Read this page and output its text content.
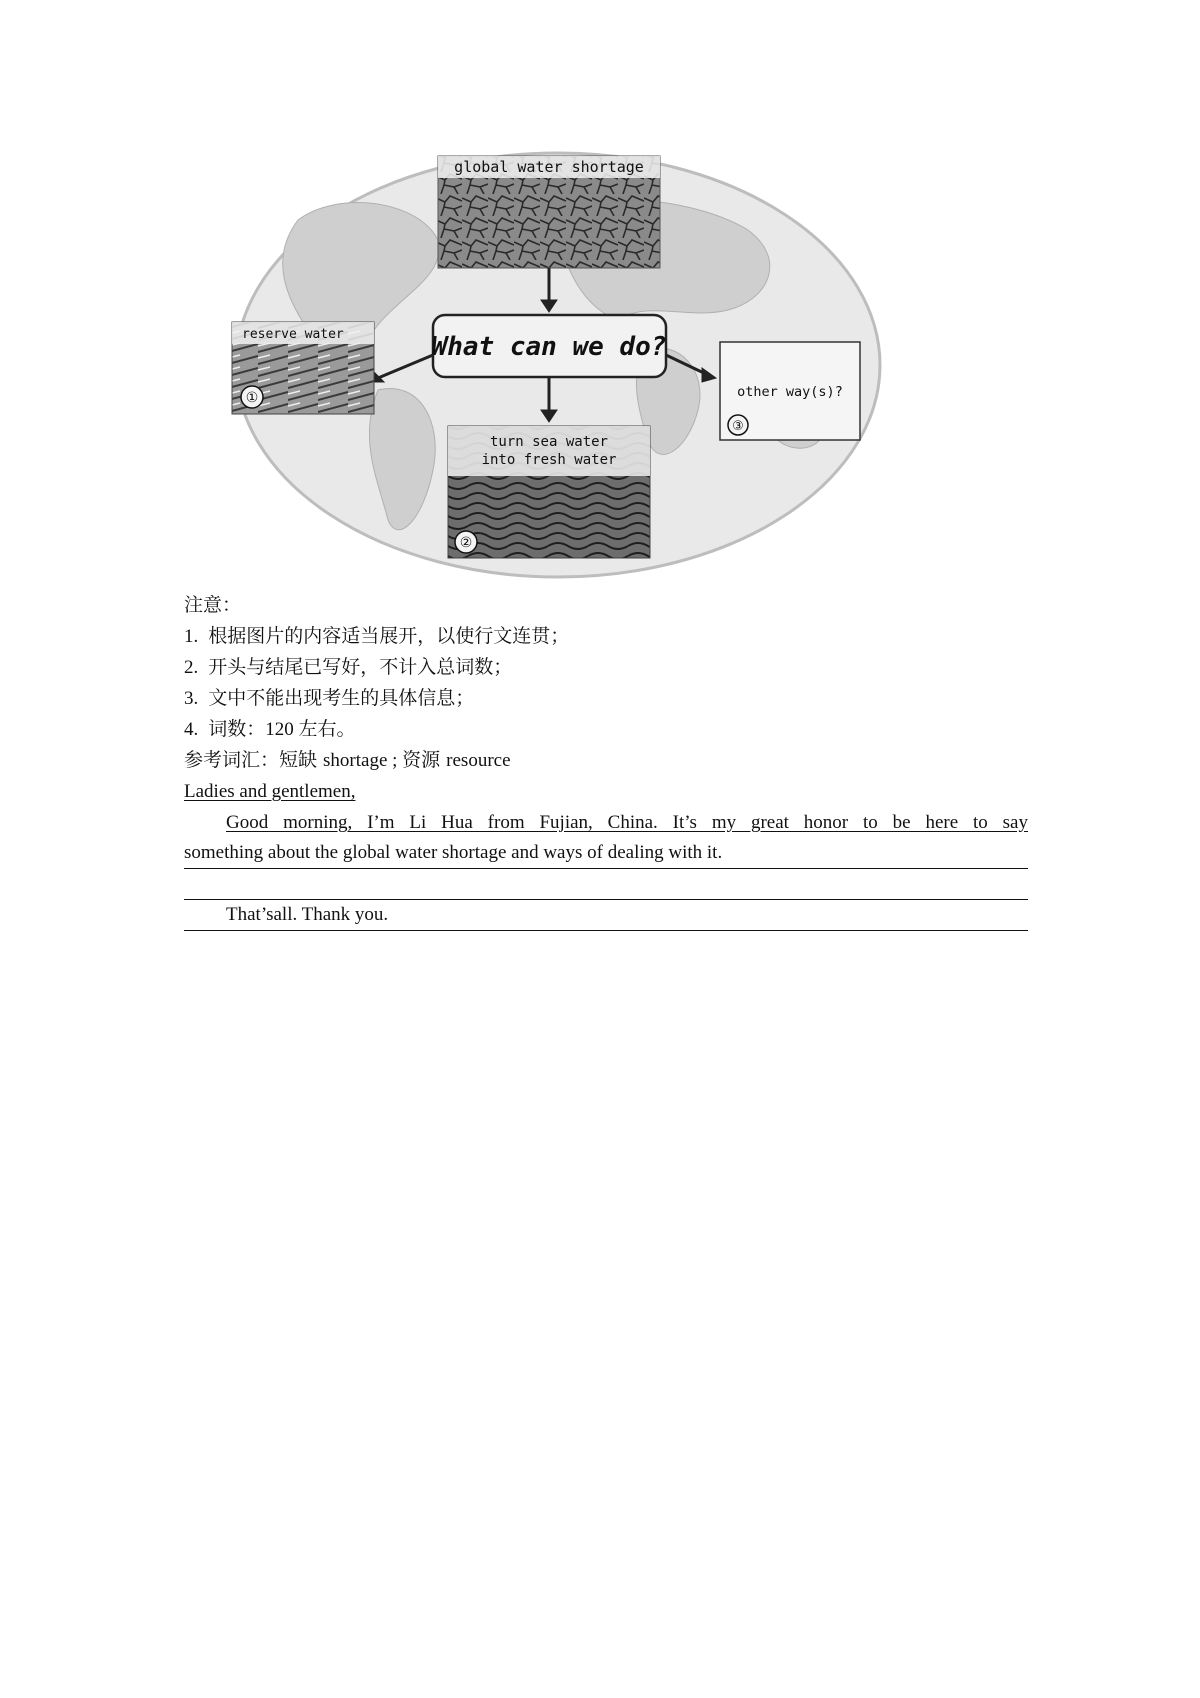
global water shortage
What can we do?
reserve water
①
turn sea water
into fresh water
②
other way(s)?
③
注意：
1. 根据图片的内容适当展开，以使行文连贯；
2. 开头与结尾已写好，不计入总词数；
3. 文中不能出现考生的具体信息；
4. 词数：120 左右。
参考词汇：短缺 shortage ; 资源 resource
Ladies and gentlemen,
Good morning, I’m Li Hua from Fujian, China. It’s my great honor to be here to say
something about the global water shortage and ways of dealing with it.
That’sall. Thank you.
